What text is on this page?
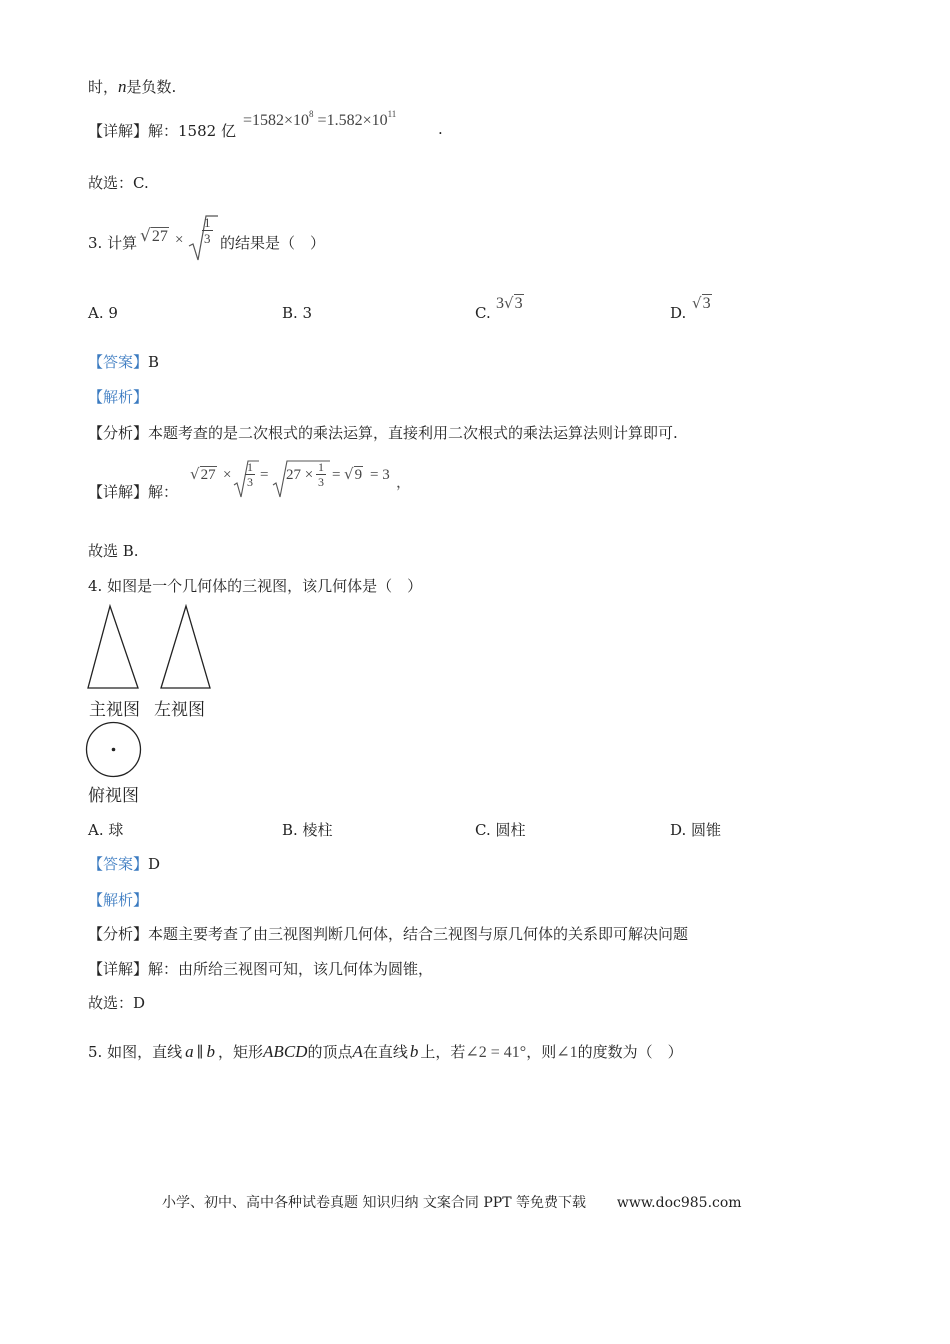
时，n是负数.
【详解】解：1582 亿
$=1582\times 10^8 =1.582\times 10^{11}$
.
故选：C.
3. 计算 $√27 \times \frac{1}{3}$ 的结果是（　）
A. 9	B. 3	C.
3√3
D.
√3
【答案】B
【解析】
【分析】本题考查的是二次根式的乘法运算，直接利用二次根式的乘法运算法则计算即可.
【详解】解：
$√27 \times \frac{1}{3} = 27 \times \frac{1}{3} = √9 = 3$ ，
故选 B.
4. 如图是一个几何体的三视图，该几何体是（　）
主视图 左视图
俯视图
A. 球	B. 棱柱	C. 圆柱	D. 圆锥
【答案】D
【解析】
【分析】本题主要考查了由三视图判断几何体，结合三视图与原几何体的关系即可解决问题
【详解】解：由所给三视图可知，该几何体为圆锥，
故选：D
5. 如图，直线 a ∥ b ，矩形ABCD的顶点A在直线 b 上，若∠2 = 41°，则∠1的度数为（　）
小学、初中、高中各种试卷真题 知识归纳 文案合同 PPT 等免费下载 www.doc985.com
